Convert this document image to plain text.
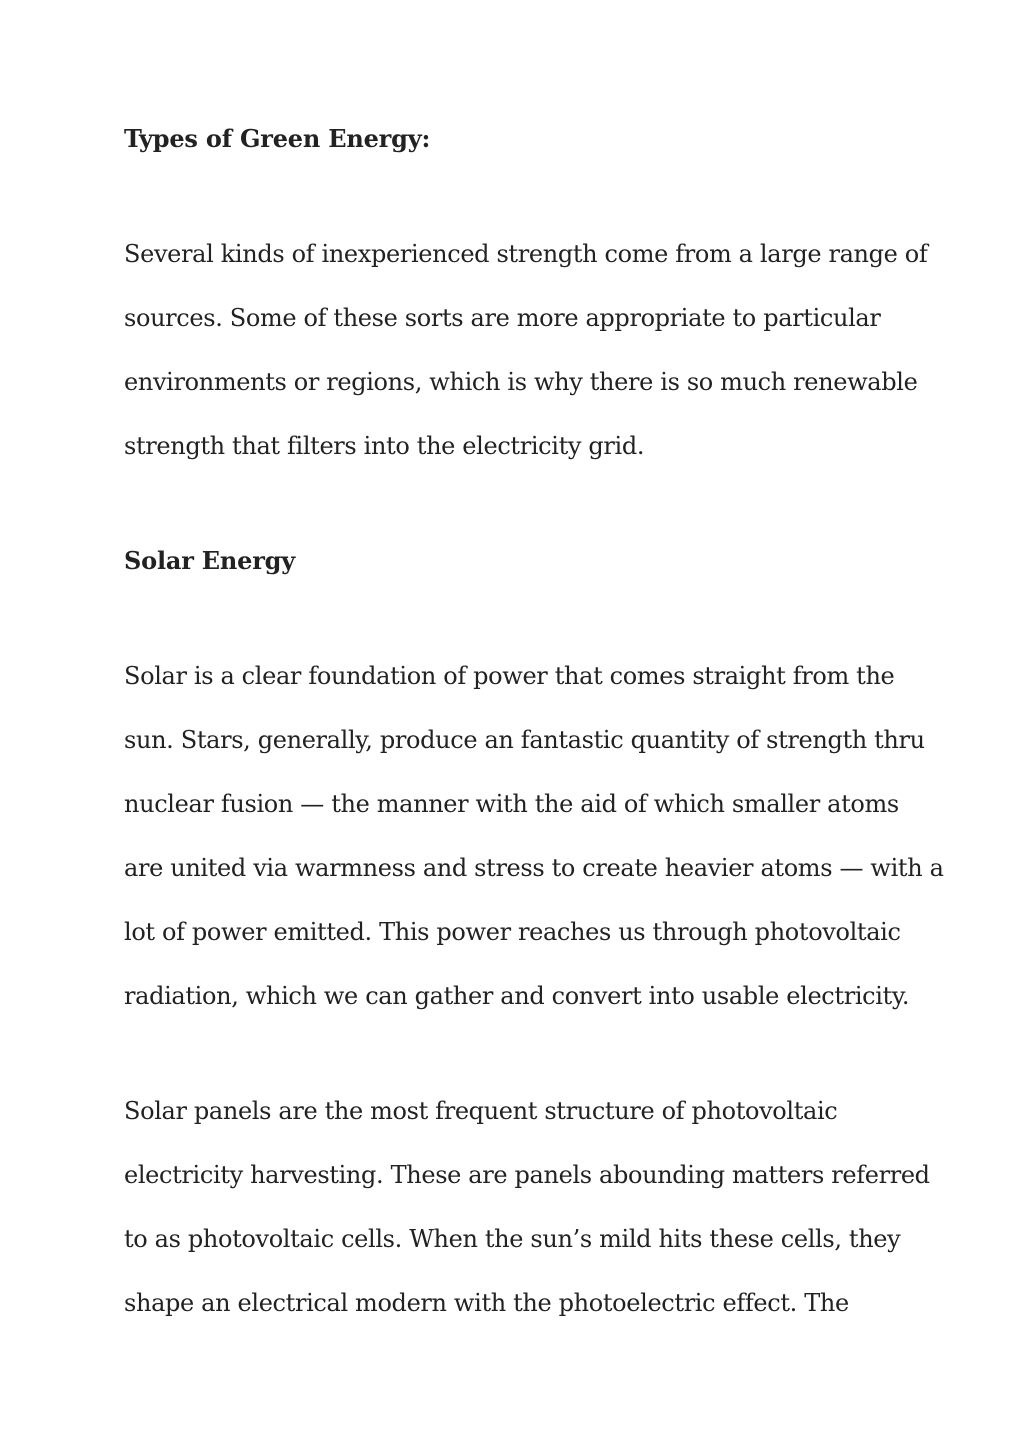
Types of Green Energy:

Several kinds of inexperienced strength come from a large range of

sources. Some of these sorts are more appropriate to particular

environments or regions, which is why there is so much renewable

strength that filters into the electricity grid.

Solar Energy

Solar is a clear foundation of power that comes straight from the

sun. Stars, generally, produce an fantastic quantity of strength thru

nuclear fusion — the manner with the aid of which smaller atoms

are united via warmness and stress to create heavier atoms — with a

lot of power emitted. This power reaches us through photovoltaic

radiation, which we can gather and convert into usable electricity.

Solar panels are the most frequent structure of photovoltaic

electricity harvesting. These are panels abounding matters referred

to as photovoltaic cells. When the sun’s mild hits these cells, they

shape an electrical modern with the photoelectric effect. The
